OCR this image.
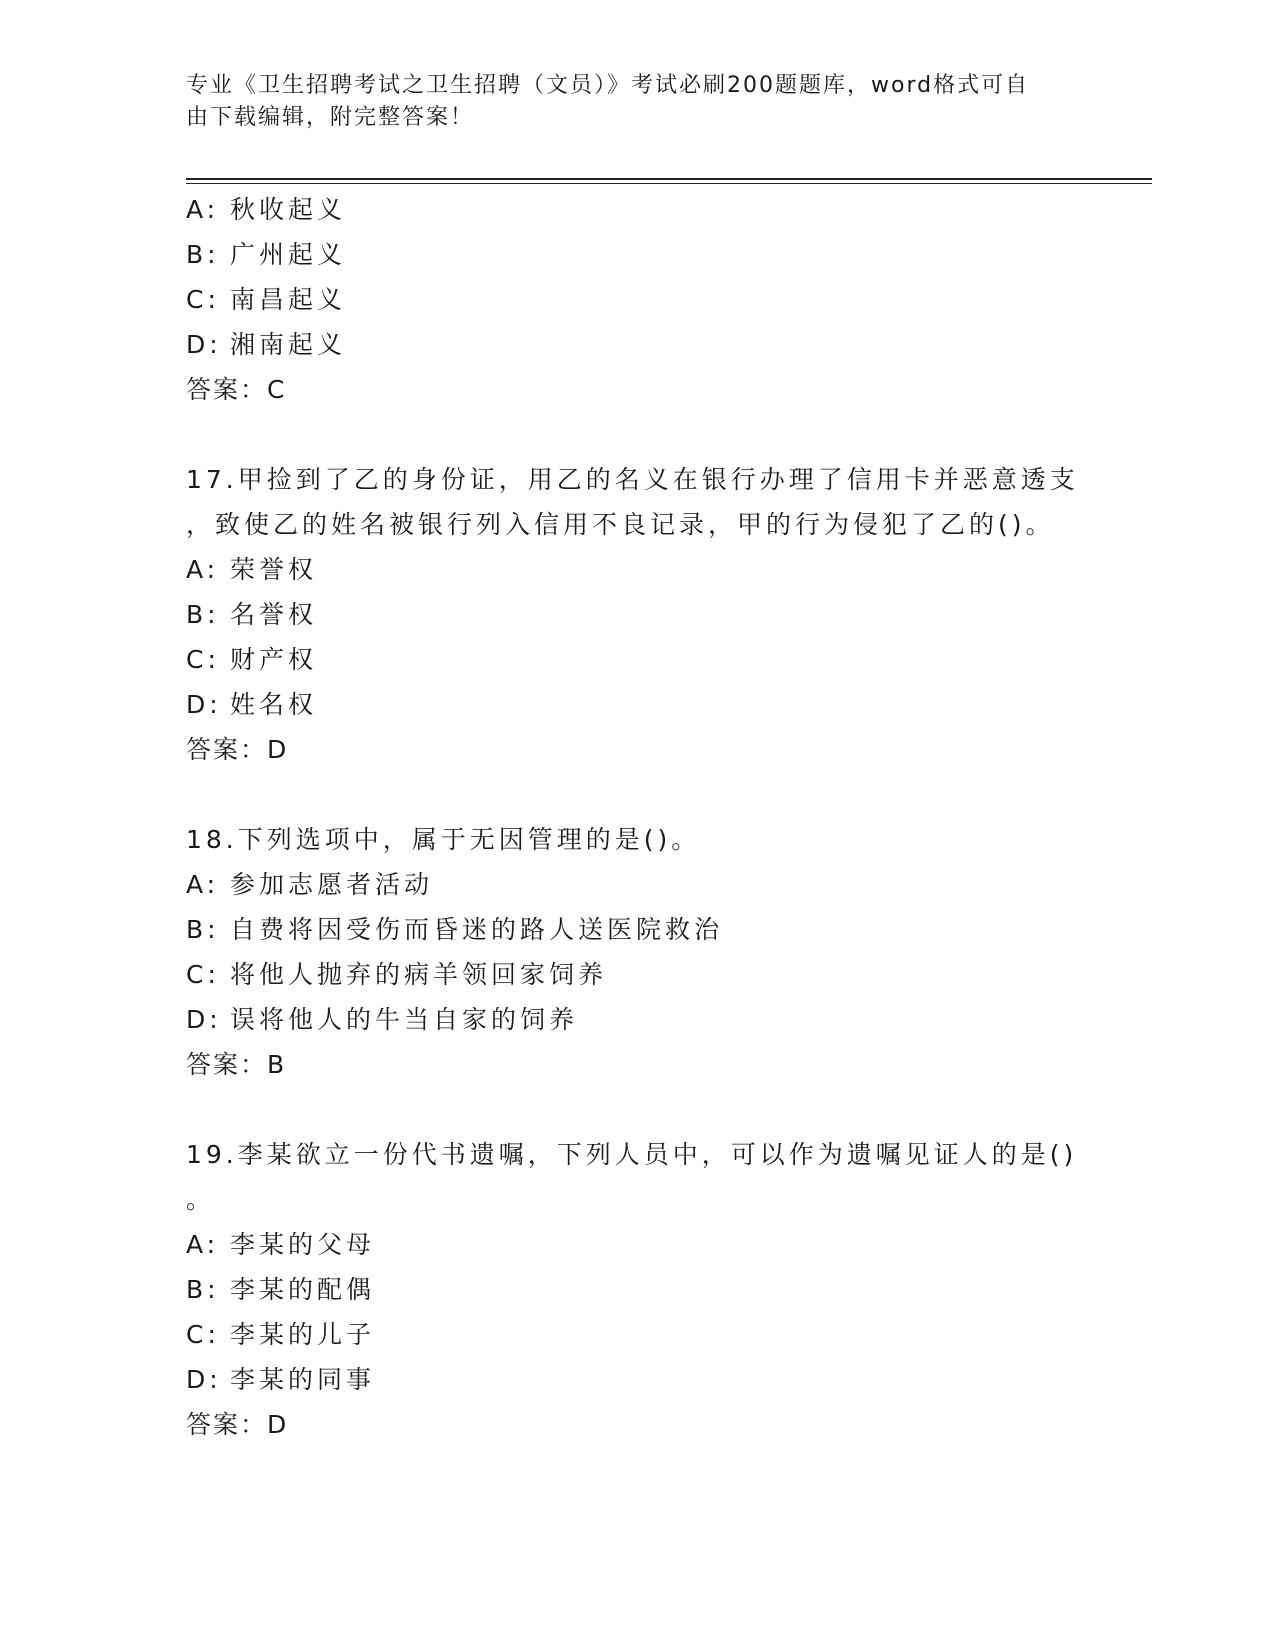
专业《卫生招聘考试之卫生招聘（文员）》考试必刷200题题库，word格式可自
由下载编辑，附完整答案！
A: 秋收起义
B: 广州起义
C: 南昌起义
D: 湘南起义
答案：C
17.甲捡到了乙的身份证，用乙的名义在银行办理了信用卡并恶意透支
，致使乙的姓名被银行列入信用不良记录，甲的行为侵犯了乙的()。
A: 荣誉权
B: 名誉权
C: 财产权
D: 姓名权
答案：D
18.下列选项中，属于无因管理的是()。
A: 参加志愿者活动
B: 自费将因受伤而昏迷的路人送医院救治
C: 将他人抛弃的病羊领回家饲养
D: 误将他人的牛当自家的饲养
答案：B
19.李某欲立一份代书遗嘱，下列人员中，可以作为遗嘱见证人的是()
。
A: 李某的父母
B: 李某的配偶
C: 李某的儿子
D: 李某的同事
答案：D
